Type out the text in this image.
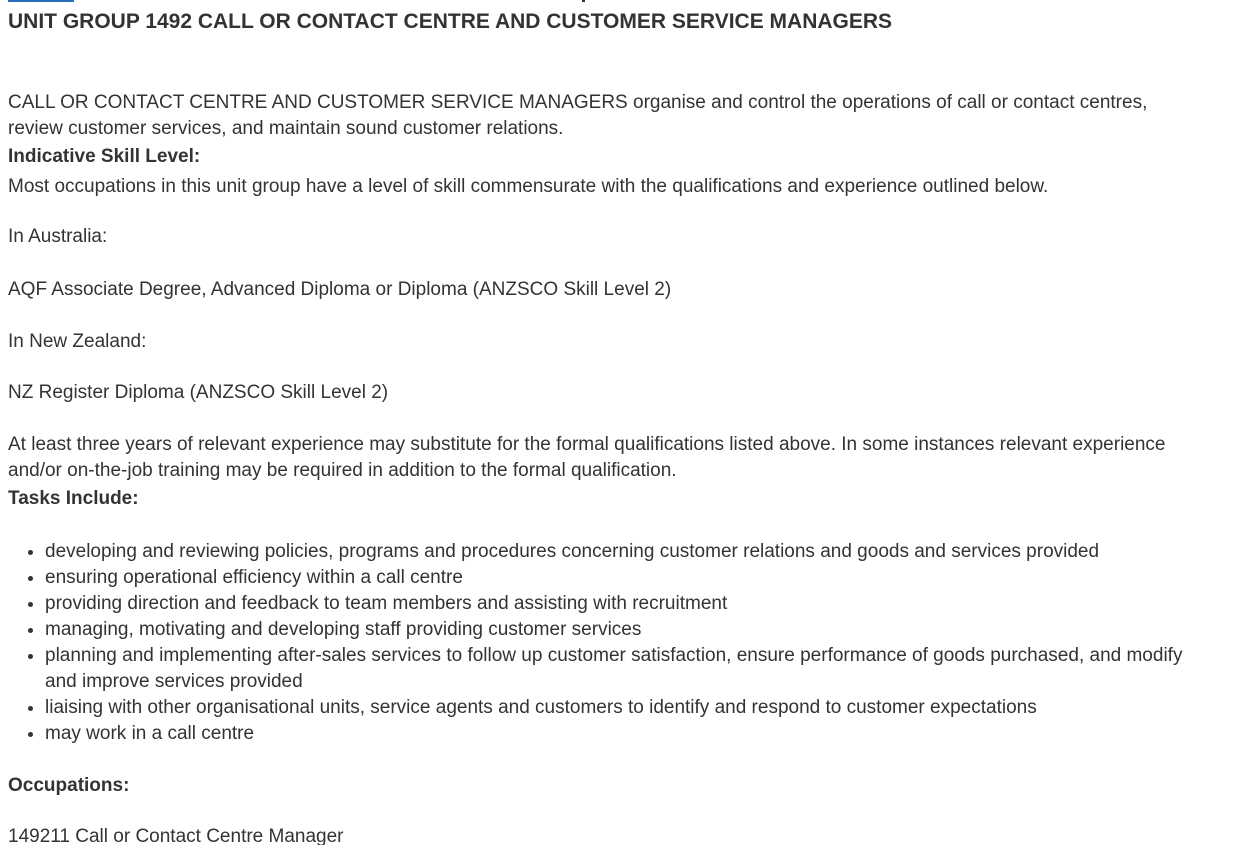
UNIT GROUP 1492 CALL OR CONTACT CENTRE AND CUSTOMER SERVICE MANAGERS

CALL OR CONTACT CENTRE AND CUSTOMER SERVICE MANAGERS organise and control the operations of call or contact centres, review customer services, and maintain sound customer relations.

Indicative Skill Level:

Most occupations in this unit group have a level of skill commensurate with the qualifications and experience outlined below.

In Australia:

AQF Associate Degree, Advanced Diploma or Diploma (ANZSCO Skill Level 2)

In New Zealand:

NZ Register Diploma (ANZSCO Skill Level 2)

At least three years of relevant experience may substitute for the formal qualifications listed above. In some instances relevant experience and/or on-the-job training may be required in addition to the formal qualification.

Tasks Include:

• developing and reviewing policies, programs and procedures concerning customer relations and goods and services provided
• ensuring operational efficiency within a call centre
• providing direction and feedback to team members and assisting with recruitment
• managing, motivating and developing staff providing customer services
• planning and implementing after-sales services to follow up customer satisfaction, ensure performance of goods purchased, and modify and improve services provided
• liaising with other organisational units, service agents and customers to identify and respond to customer expectations
• may work in a call centre

Occupations:

149211 Call or Contact Centre Manager
